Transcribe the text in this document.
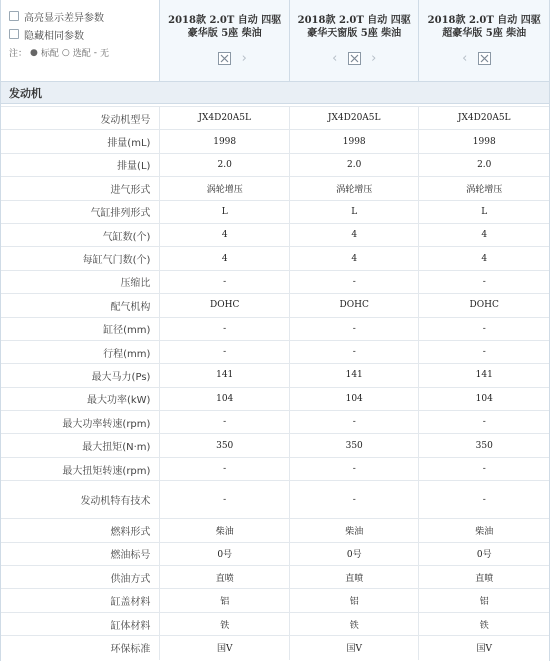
高亮显示差异参数
隐藏相同参数
注： ● 标配 ○ 选配 - 无
2018款 2.0T 自动 四驱豪华版 5座 柴油
›
2018款 2.0T 自动 四驱豪华天窗版 5座 柴油
‹	›
2018款 2.0T 自动 四驱超豪华版 5座 柴油
‹
发动机
发动机型号	JX4D20A5L	JX4D20A5L	JX4D20A5L
排量(mL)	1998	1998	1998
排量(L)	2.0	2.0	2.0
进气形式	涡轮增压	涡轮增压	涡轮增压
气缸排列形式	L	L	L
气缸数(个)	4	4	4
每缸气门数(个)	4	4	4
压缩比	-	-	-
配气机构	DOHC	DOHC	DOHC
缸径(mm)	-	-	-
行程(mm)	-	-	-
最大马力(Ps)	141	141	141
最大功率(kW)	104	104	104
最大功率转速(rpm)	-	-	-
最大扭矩(N·m)	350	350	350
最大扭矩转速(rpm)	-	-	-
发动机特有技术	-	-	-
燃料形式	柴油	柴油	柴油
燃油标号	0号	0号	0号
供油方式	直喷	直喷	直喷
缸盖材料	铝	铝	铝
缸体材料	铁	铁	铁
环保标准	国V	国V	国V
